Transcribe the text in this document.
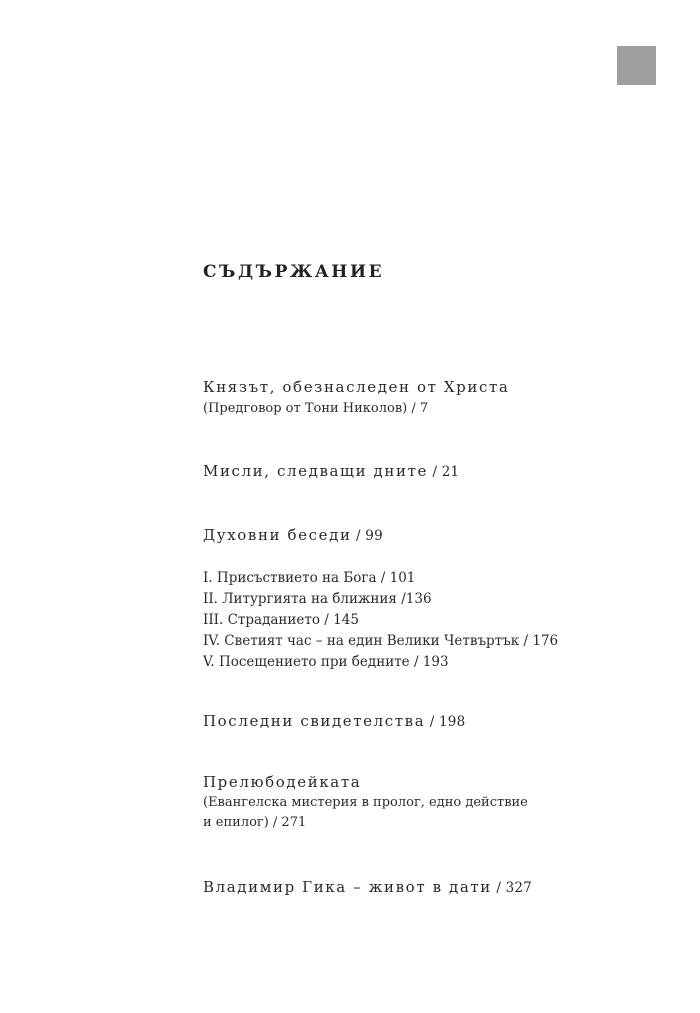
СЪДЪРЖАНИЕ
Князът, обезнаследен от Христа
(Предговор от Тони Николов) / 7
Мисли, следващи дните / 21
Духовни беседи / 99
I. Присъствието на Бога / 101
II. Литургията на ближния /136
III. Страданието / 145
IV. Светият час – на един Велики Четвъртък / 176
V. Посещението при бедните / 193
Последни свидетелства / 198
Прелюбодейката
(Евангелска мистерия в пролог, едно действие
и епилог) / 271
Владимир Гика – живот в дати / 327
